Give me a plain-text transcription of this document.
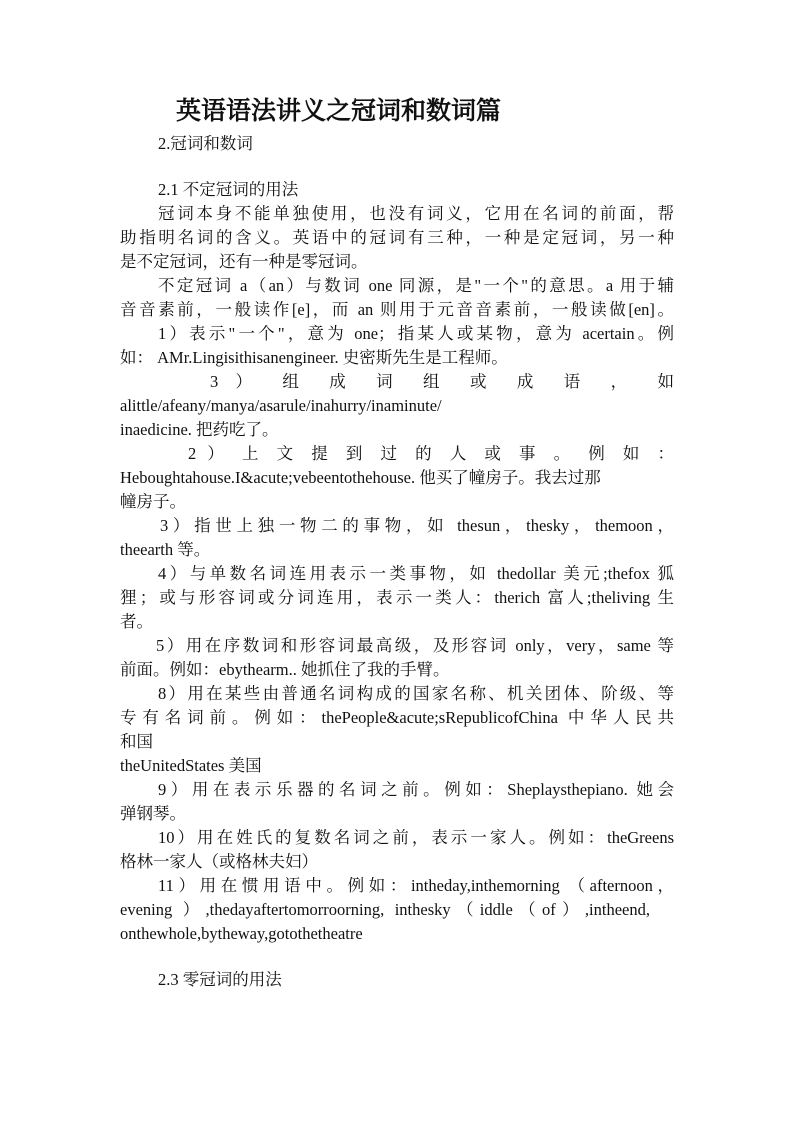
英语语法讲义之冠词和数词篇
2.冠词和数词
2.1 不定冠词的用法
冠词本身不能单独使用，也没有词义，它用在名词的前面，帮
助指明名词的含义。英语中的冠词有三种，一种是定冠词，另一种
是不定冠词，还有一种是零冠词。
不定冠词 a（an）与数词 one 同源，是"一个"的意思。a 用于辅
音音素前，一般读作[e]，而 an 则用于元音音素前，一般读做[en]。
1）表示"一个"，意为 one；指某人或某物，意为 acertain。例
如： AMr.Lingisithisanengineer. 史密斯先生是工程师。
3 ） 组 成 词 组 或 成 语 ， 如
alittle/afeany/manya/asarule/inahurry/inaminute/
inaedicine. 把药吃了。
2 ） 上 文 提 到 过 的 人 或 事 。 例 如 ：
Heboughtahouse.I&acute;vebeentothehouse. 他买了幢房子。我去过那
幢房子。
3）指世上独一物二的事物，如 thesun，thesky，themoon，
theearth 等。
4）与单数名词连用表示一类事物，如 thedollar 美元;thefox 狐
狸；或与形容词或分词连用，表示一类人：therich 富人;theliving 生
者。
5）用在序数词和形容词最高级，及形容词 only，very，same 等
前面。例如：ebythearm.. 她抓住了我的手臂。
8）用在某些由普通名词构成的国家名称、机关团体、阶级、等
专有名词前。例如：thePeople&acute;sRepublicofChina 中华人民共
和国
theUnitedStates 美国
9）用在表示乐器的名词之前。例如：Sheplaysthepiano. 她会
弹钢琴。
10）用在姓氏的复数名词之前，表示一家人。例如：theGreens
格林一家人（或格林夫妇）
11）用在惯用语中。例如：intheday,inthemorning （afternoon，
evening ）,thedayaftertomorroorning, inthesky（iddle（of）,intheend,
onthewhole,bytheway,gotothetheatre
2.3 零冠词的用法
